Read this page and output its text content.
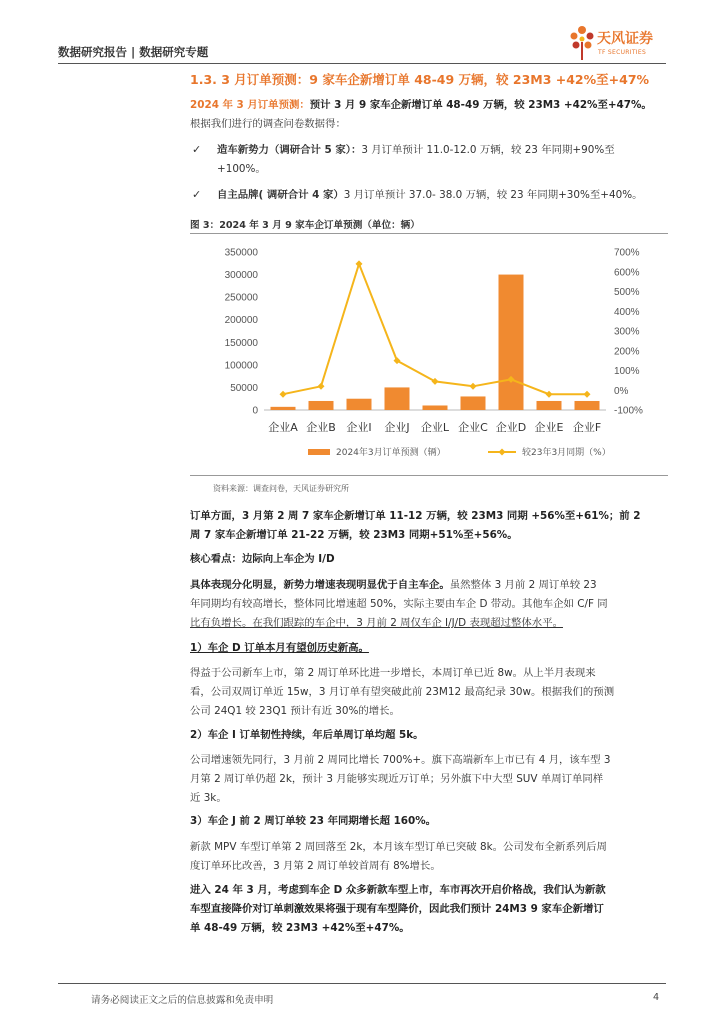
数据研究报告 | 数据研究专题
天风证券
TF SECURITIES
1.3. 3 月订单预测：9 家车企新增订单 48-49 万辆，较 23M3 +42%至+47%
2024 年 3 月订单预测：预计 3 月 9 家车企新增订单 48-49 万辆，较 23M3 +42%至+47%。
根据我们进行的调查问卷数据得：
✓ 造车新势力（调研合计 5 家）：3 月订单预计 11.0-12.0 万辆，较 23 年同期+90%至
+100%。
✓ 自主品牌( 调研合计 4 家）3 月订单预计 37.0- 38.0 万辆，较 23 年同期+30%至+40%。
图 3：2024 年 3 月 9 家车企订单预测（单位：辆）
0
50000
100000
150000
200000
250000
300000
350000
-100%
0%
100%
200%
300%
400%
500%
600%
700%
企业A 企业B 企业I 企业J 企业L 企业C 企业D 企业E 企业F
2024年3月订单预测（辆）	较23年3月同期（%）
资料来源：调查问卷，天风证券研究所
订单方面，3 月第 2 周 7 家车企新增订单 11-12 万辆，较 23M3 同期 +56%至+61%；前 2
周 7 家车企新增订单 21-22 万辆，较 23M3 同期+51%至+56%。
核心看点：边际向上车企为 I/D
具体表现分化明显，新势力增速表现明显优于自主车企。虽然整体 3 月前 2 周订单较 23
年同期均有较高增长，整体同比增速超 50%，实际主要由车企 D 带动。其他车企如 C/F 同
比有负增长。在我们跟踪的车企中，3 月前 2 周仅车企 I/J/D 表现超过整体水平。
1）车企 D 订单本月有望创历史新高。
得益于公司新车上市，第 2 周订单环比进一步增长，本周订单已近 8w。从上半月表现来
看，公司双周订单近 15w，3 月订单有望突破此前 23M12 最高纪录 30w。根据我们的预测
公司 24Q1 较 23Q1 预计有近 30%的增长。
2）车企 I 订单韧性持续，年后单周订单均超 5k。
公司增速领先同行，3 月前 2 周同比增长 700%+。旗下高端新车上市已有 4 月，该车型 3
月第 2 周订单仍超 2k，预计 3 月能够实现近万订单；另外旗下中大型 SUV 单周订单同样
近 3k。
3）车企 J 前 2 周订单较 23 年同期增长超 160%。
新款 MPV 车型订单第 2 周回落至 2k，本月该车型订单已突破 8k。公司发布全新系列后周
度订单环比改善，3 月第 2 周订单较首周有 8%增长。
进入 24 年 3 月，考虑到车企 D 众多新款车型上市，车市再次开启价格战，我们认为新款
车型直接降价对订单刺激效果将强于现有车型降价，因此我们预计 24M3 9 家车企新增订
单 48-49 万辆，较 23M3 +42%至+47%。
请务必阅读正文之后的信息披露和免责申明	4
